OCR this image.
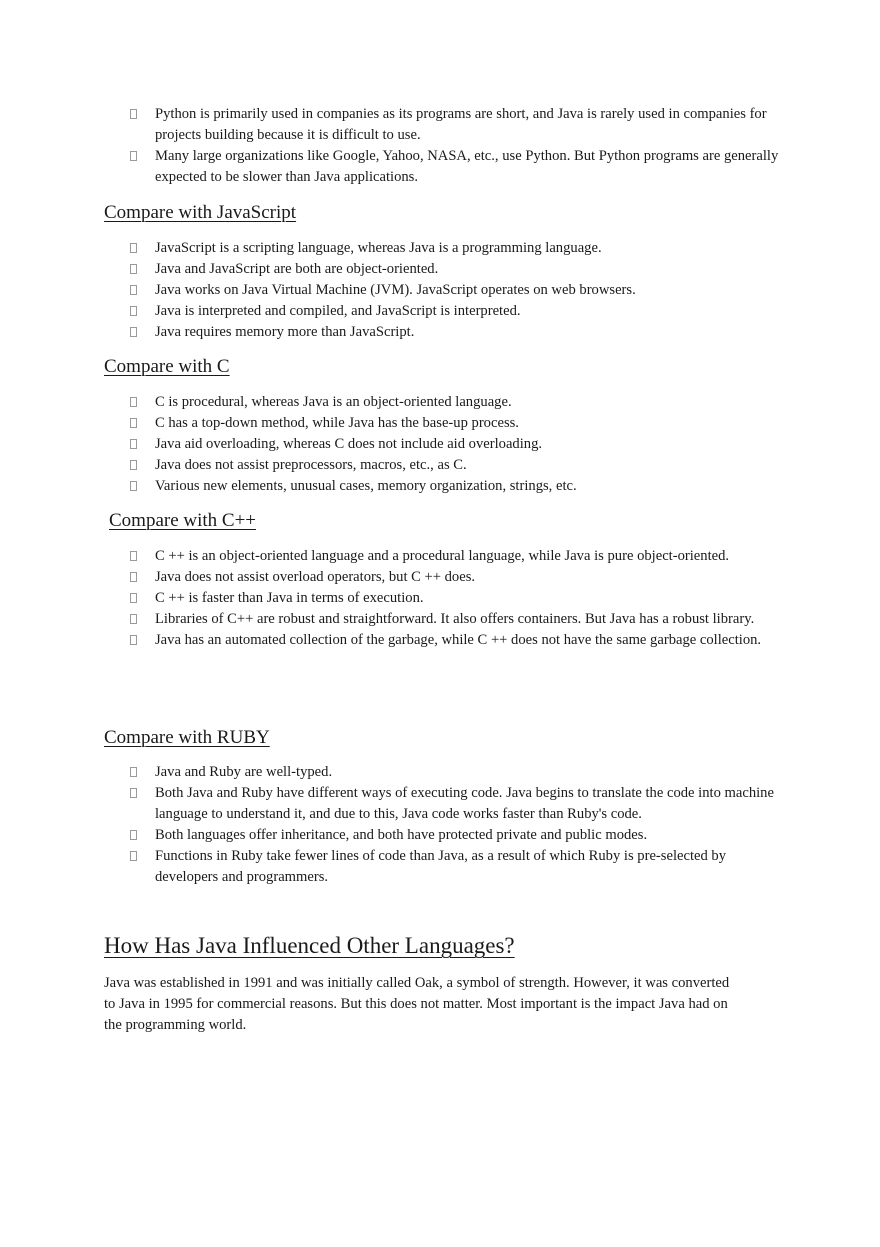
Python is primarily used in companies as its programs are short, and Java is rarely used in companies for projects building because it is difficult to use.
Many large organizations like Google, Yahoo, NASA, etc., use Python. But Python programs are generally expected to be slower than Java applications.
Compare with JavaScript
JavaScript is a scripting language, whereas Java is a programming language.
Java and JavaScript are both are object-oriented.
Java works on Java Virtual Machine (JVM). JavaScript operates on web browsers.
Java is interpreted and compiled, and JavaScript is interpreted.
Java requires memory more than JavaScript.
Compare with C
C is procedural, whereas Java is an object-oriented language.
C has a top-down method, while Java has the base-up process.
Java aid overloading, whereas C does not include aid overloading.
Java does not assist preprocessors, macros, etc., as C.
Various new elements, unusual cases, memory organization, strings, etc.
Compare with C++
C ++ is an object-oriented language and a procedural language, while Java is pure object-oriented.
Java does not assist overload operators, but C ++ does.
C ++ is faster than Java in terms of execution.
Libraries of C++ are robust and straightforward. It also offers containers. But Java has a robust library.
Java has an automated collection of the garbage, while C ++ does not have the same garbage collection.
Compare with RUBY
Java and Ruby are well-typed.
Both Java and Ruby have different ways of executing code. Java begins to translate the code into machine language to understand it, and due to this, Java code works faster than Ruby's code.
Both languages offer inheritance, and both have protected private and public modes.
Functions in Ruby take fewer lines of code than Java, as a result of which Ruby is pre-selected by developers and programmers.
How Has Java Influenced Other Languages?

Java was established in 1991 and was initially called Oak, a symbol of strength. However, it was converted to Java in 1995 for commercial reasons. But this does not matter. Most important is the impact Java had on the programming world.
